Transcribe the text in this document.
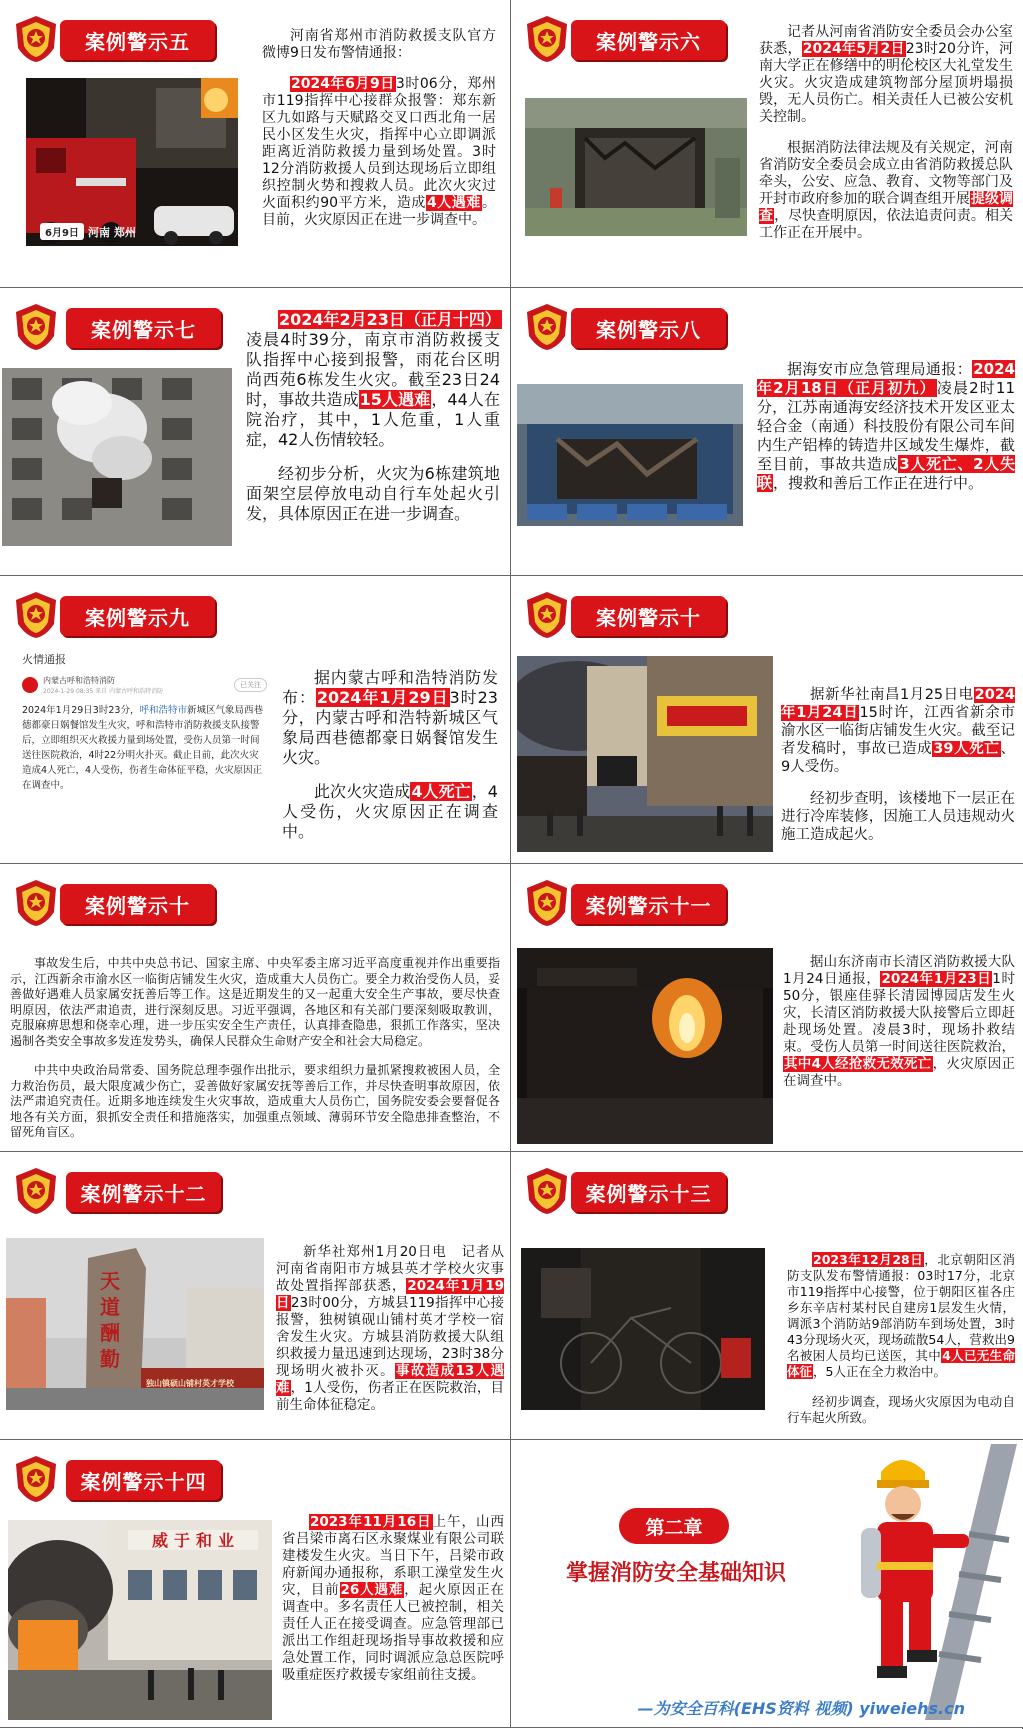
案例警示五
6月9日 河南 郑州

河南省郑州市消防救援支队官方微博9日发布警情通报：

2024年6月9日3时06分，郑州市119指挥中心接群众报警：郑东新区九如路与天赋路交叉口西北角一居民小区发生火灾，指挥中心立即调派距离近消防救援力量到场处置。3时12分消防救援人员到达现场后立即组织控制火势和搜救人员。此次火灾过火面积约90平方米，造成4人遇难。目前，火灾原因正在进一步调查中。

案例警示六	记者从河南省消防安全委员会办公室获悉，2024年5月2日23时20分许，河南大学正在修缮中的明伦校区大礼堂发生火灾。火灾造成建筑物部分屋顶坍塌损毁，无人员伤亡。相关责任人已被公安机关控制。

根据消防法律法规及有关规定，河南省消防安全委员会成立由省消防救援总队牵头，公安、应急、教育、文物等部门及开封市政府参加的联合调查组开展提级调查，尽快查明原因，依法追责问责。相关工作正在开展中。

案例警示七	2024年2月23日（正月十四）凌晨4时39分，南京市消防救援支队指挥中心接到报警，雨花台区明尚西苑6栋发生火灾。截至23日24时，事故共造成15人遇难，44人在院治疗，其中，1人危重，1人重症，42人伤情较轻。

经初步分析，火灾为6栋建筑地面架空层停放电动自行车处起火引发，具体原因正在进一步调查。

案例警示八

据海安市应急管理局通报：2024年2月18日（正月初九）凌晨2时11分，江苏南通海安经济技术开发区亚太轻合金（南通）科技股份有限公司车间内生产铝棒的铸造井区域发生爆炸，截至目前，事故共造成3人死亡、2人失联，搜救和善后工作正在进行中。

案例警示九
火情通报
内蒙古呼和浩特消防
2024-1-29 08:35 来自 内蒙古呼和浩特消防
已关注
2024年1月29日3时23分，呼和浩特市新城区气象局西巷德都豪日娲餐馆发生火灾，呼和浩特市消防救援支队接警后，立即组织灭火救援力量到场处置，受伤人员第一时间送往医院救治，4时22分明火扑灭。截止目前，此次火灾造成4人死亡，4人受伤，伤者生命体征平稳，火灾原因正在调查中。

据内蒙古呼和浩特消防发布：2024年1月29日3时23分，内蒙古呼和浩特新城区气象局西巷德都豪日娲餐馆发生火灾。

此次火灾造成4人死亡，4人受伤，火灾原因正在调查中。

案例警示十

据新华社南昌1月25日电2024年1月24日15时许，江西省新余市渝水区一临街店铺发生火灾。截至记者发稿时，事故已造成39人死亡、9人受伤。

经初步查明，该楼地下一层正在进行冷库装修，因施工人员违规动火施工造成起火。

案例警示十

事故发生后，中共中央总书记、国家主席、中央军委主席习近平高度重视并作出重要指示，江西新余市渝水区一临街店铺发生火灾，造成重大人员伤亡。要全力救治受伤人员，妥善做好遇难人员家属安抚善后等工作。这是近期发生的又一起重大安全生产事故，要尽快查明原因，依法严肃追责，进行深刻反思。习近平强调，各地区和有关部门要深刻吸取教训，克服麻痹思想和侥幸心理，进一步压实安全生产责任，认真排查隐患，狠抓工作落实，坚决遏制各类安全事故多发连发势头，确保人民群众生命财产安全和社会大局稳定。

中共中央政治局常委、国务院总理李强作出批示，要求组织力量抓紧搜救被困人员，全力救治伤员，最大限度减少伤亡，妥善做好家属安抚等善后工作，并尽快查明事故原因，依法严肃追究责任。近期多地连续发生火灾事故，造成重大人员伤亡，国务院安委会要督促各地各有关方面，狠抓安全责任和措施落实，加强重点领域、薄弱环节安全隐患排查整治，不留死角盲区。

案例警示十一

据山东济南市长清区消防救援大队1月24日通报，2024年1月23日1时50分，银座佳驿长清园博园店发生火灾，长清区消防救援大队接警后立即赶赴现场处置。凌晨3时，现场扑救结束。受伤人员第一时间送往医院救治，其中4人经抢救无效死亡，火灾原因正在调查中。

案例警示十二
天道酬勤
独山镇硕山铺村英才学校

新华社郑州1月20日电　记者从河南省南阳市方城县英才学校火灾事故处置指挥部获悉，2024年1月19日23时00分，方城县119指挥中心接报警，独树镇砚山铺村英才学校一宿舍发生火灾。方城县消防救援大队组织救援力量迅速到达现场，23时38分现场明火被扑灭。事故造成13人遇难，1人受伤，伤者正在医院救治，目前生命体征稳定。

案例警示十三

2023年12月28日，北京朝阳区消防支队发布警情通报：03时17分，北京市119指挥中心接警，位于朝阳区崔各庄乡东辛店村某村民自建房1层发生火情，调派3个消防站9部消防车到场处置，3时43分现场火灭，现场疏散54人，营救出9名被困人员均已送医，其中4人已无生命体征，5人正在全力救治中。

经初步调查，现场火灾原因为电动自行车起火所致。

案例警示十四
威于和业

2023年11月16日上午，山西省吕梁市离石区永聚煤业有限公司联建楼发生火灾。当日下午，吕梁市政府新闻办通报称，系职工澡堂发生火灾，目前26人遇难，起火原因正在调查中。多名责任人已被控制，相关责任人正在接受调查。应急管理部已派出工作组赶现场指导事故救援和应急处置工作，同时调派应急总医院呼吸重症医疗救援专家组前往支援。

第二章
掌握消防安全基础知识
—为安全百科(EHS资料 视频) yiweiehs.cn
